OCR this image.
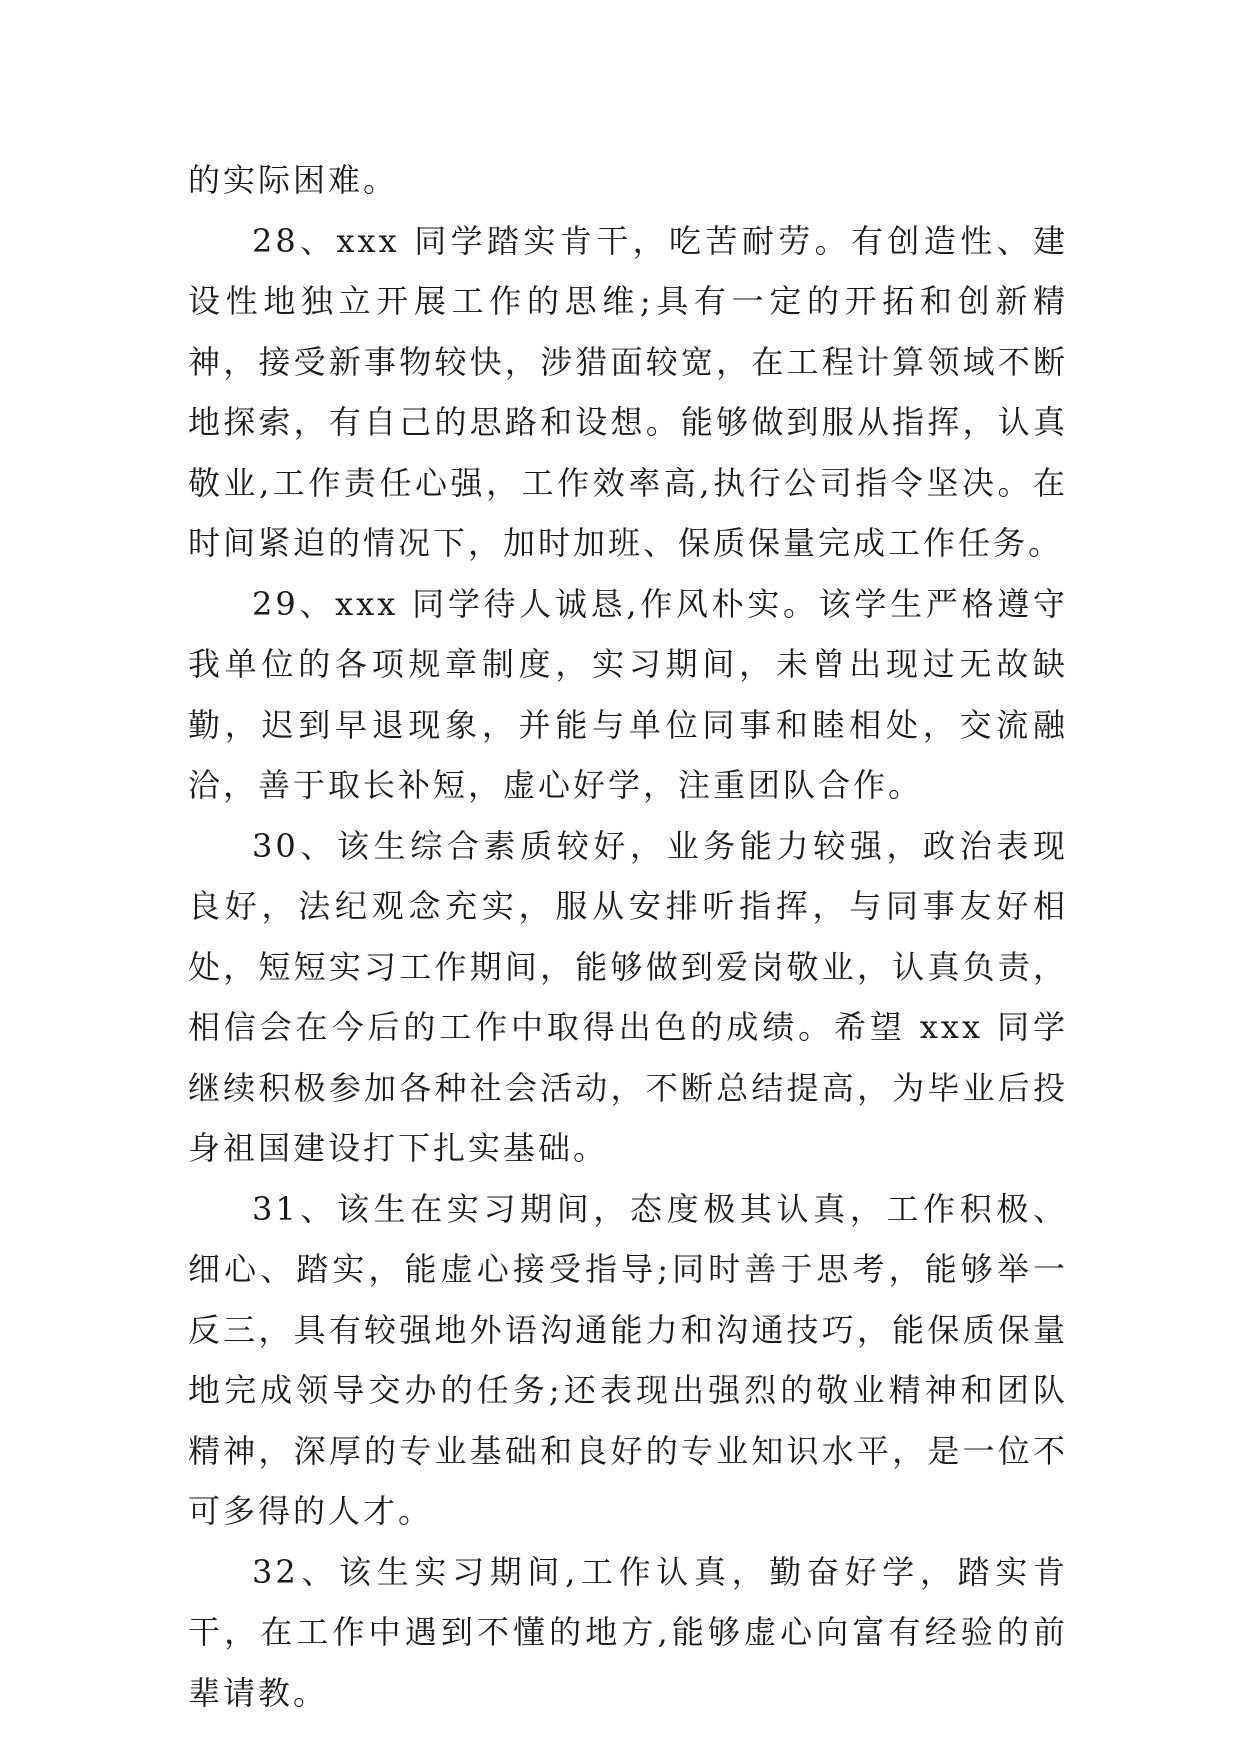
的实际困难。

28、xxx 同学踏实肯干，吃苦耐劳。有创造性、建设性地独立开展工作的思维;具有一定的开拓和创新精神，接受新事物较快，涉猎面较宽，在工程计算领域不断地探索，有自己的思路和设想。能够做到服从指挥，认真敬业,工作责任心强，工作效率高,执行公司指令坚决。在时间紧迫的情况下，加时加班、保质保量完成工作任务。

29、xxx 同学待人诚恳,作风朴实。该学生严格遵守我单位的各项规章制度，实习期间，未曾出现过无故缺勤，迟到早退现象，并能与单位同事和睦相处，交流融洽，善于取长补短，虚心好学，注重团队合作。

30、该生综合素质较好，业务能力较强，政治表现良好，法纪观念充实，服从安排听指挥，与同事友好相处，短短实习工作期间，能够做到爱岗敬业，认真负责，相信会在今后的工作中取得出色的成绩。希望 xxx 同学继续积极参加各种社会活动，不断总结提高，为毕业后投身祖国建设打下扎实基础。

31、该生在实习期间，态度极其认真，工作积极、细心、踏实，能虚心接受指导;同时善于思考，能够举一反三，具有较强地外语沟通能力和沟通技巧，能保质保量地完成领导交办的任务;还表现出强烈的敬业精神和团队精神，深厚的专业基础和良好的专业知识水平，是一位不可多得的人才。

32、该生实习期间,工作认真，勤奋好学，踏实肯干，在工作中遇到不懂的地方,能够虚心向富有经验的前辈请教。
